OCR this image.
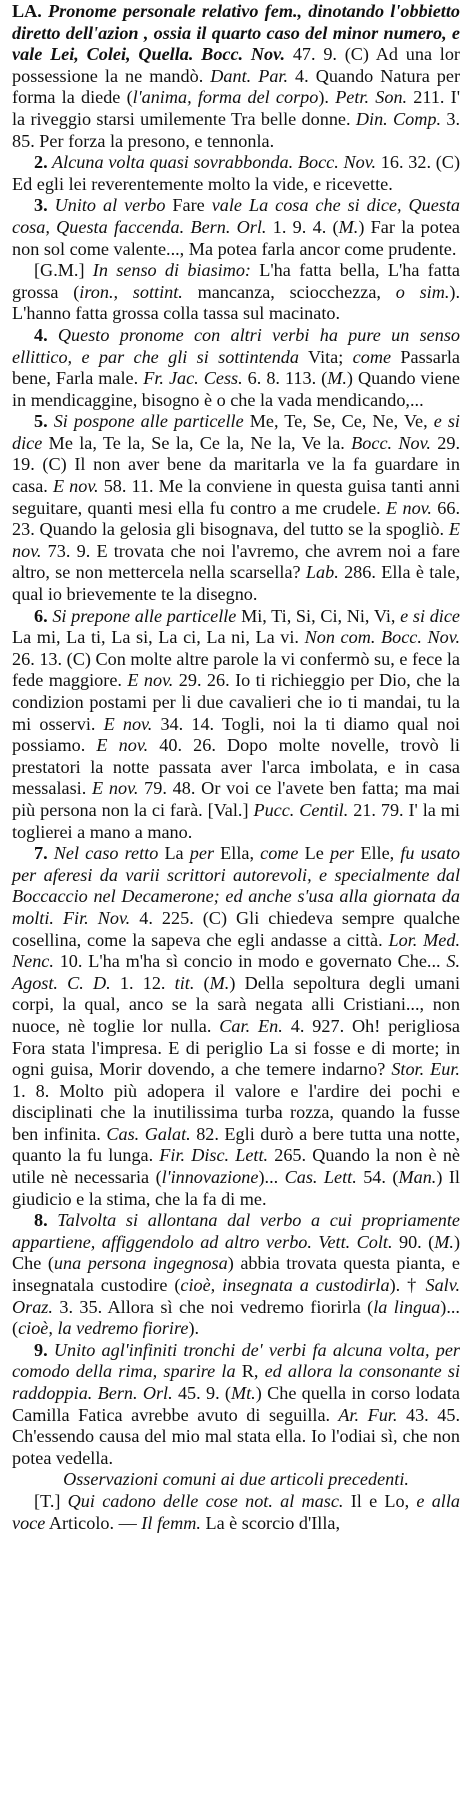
LA. Pronome personale relativo fem., dinotando l'obbietto diretto dell'azion , ossia il quarto caso del minor numero, e vale Lei, Colei, Quella. Bocc. Nov. 47. 9. (C) Ad una lor possessione la ne mandò. Dant. Par. 4. Quando Natura per forma la diede (l'anima, forma del corpo). Petr. Son. 211. I' la riveggio starsi umilemente Tra belle donne. Din. Comp. 3. 85. Per forza la presono, e tennonla.

2. Alcuna volta quasi sovrabbonda. Bocc. Nov. 16. 32. (C) Ed egli lei reverentemente molto la vide, e ricevette.

3. Unito al verbo Fare vale La cosa che si dice, Questa cosa, Questa faccenda. Bern. Orl. 1. 9. 4. (M.) Far la potea non sol come valente..., Ma potea farla ancor come prudente.

[G.M.] In senso di biasimo: L'ha fatta bella, L'ha fatta grossa (iron., sottint. mancanza, sciocchezza, o sim.). L'hanno fatta grossa colla tassa sul macinato.

4. Questo pronome con altri verbi ha pure un senso ellittico, e par che gli si sottintenda Vita; come Passarla bene, Farla male. Fr. Jac. Cess. 6. 8. 113. (M.) Quando viene in mendicaggine, bisogno è o che la vada mendicando,...

5. Si pospone alle particelle Me, Te, Se, Ce, Ne, Ve, e si dice Me la, Te la, Se la, Ce la, Ne la, Ve la. Bocc. Nov. 29. 19. (C) Il non aver bene da maritarla ve la fa guardare in casa. E nov. 58. 11. Me la conviene in questa guisa tanti anni seguitare, quanti mesi ella fu contro a me crudele. E nov. 66. 23. Quando la gelosia gli bisognava, del tutto se la spogliò. E nov. 73. 9. E trovata che noi l'avremo, che avrem noi a fare altro, se non mettercela nella scarsella? Lab. 286. Ella è tale, qual io brievemente te la disegno.

6. Si prepone alle particelle Mi, Ti, Si, Ci, Ni, Vi, e si dice La mi, La ti, La si, La ci, La ni, La vi. Non com. Bocc. Nov. 26. 13. (C) Con molte altre parole la vi confermò su, e fece la fede maggiore. E nov. 29. 26. Io ti richieggio per Dio, che la condizion postami per li due cavalieri che io ti mandai, tu la mi osservi. E nov. 34. 14. Togli, noi la ti diamo qual noi possiamo. E nov. 40. 26. Dopo molte novelle, trovò li prestatori la notte passata aver l'arca imbolata, e in casa messalasi. E nov. 79. 48. Or voi ce l'avete ben fatta; ma mai più persona non la ci farà. [Val.] Pucc. Centil. 21. 79. I' la mi toglierei a mano a mano.

7. Nel caso retto La per Ella, come Le per Elle, fu usato per aferesi da varii scrittori autorevoli, e specialmente dal Boccaccio nel Decamerone; ed anche s'usa alla giornata da molti. Fir. Nov. 4. 225. (C) Gli chiedeva sempre qualche cosellina, come la sapeva che egli andasse a città. Lor. Med. Nenc. 10. L'ha m'ha sì concio in modo e governato Che... S. Agost. C. D. 1. 12. tit. (M.) Della sepoltura degli umani corpi, la qual, anco se la sarà negata alli Cristiani..., non nuoce, nè toglie lor nulla. Car. En. 4. 927. Oh! perigliosa Fora stata l'impresa. E di periglio La si fosse e di morte; in ogni guisa, Morir dovendo, a che temere indarno? Stor. Eur. 1. 8. Molto più adopera il valore e l'ardire dei pochi e disciplinati che la inutilissima turba rozza, quando la fusse ben infinita. Cas. Galat. 82. Egli durò a bere tutta una notte, quanto la fu lunga. Fir. Disc. Lett. 265. Quando la non è nè utile nè necessaria (l'innovazione)... Cas. Lett. 54. (Man.) Il giudicio e la stima, che la fa di me.

8. Talvolta si allontana dal verbo a cui propriamente appartiene, affiggendolo ad altro verbo. Vett. Colt. 90. (M.) Che (una persona ingegnosa) abbia trovata questa pianta, e insegnatala custodire (cioè, insegnata a custodirla). † Salv. Oraz. 3. 35. Allora sì che noi vedremo fiorirla (la lingua)... (cioè, la vedremo fiorire).

9. Unito agl'infiniti tronchi de' verbi fa alcuna volta, per comodo della rima, sparire la R, ed allora la consonante si raddoppia. Bern. Orl. 45. 9. (Mt.) Che quella in corso lodata Camilla Fatica avrebbe avuto di seguilla. Ar. Fur. 43. 45. Ch'essendo causa del mio mal stata ella. Io l'odiai sì, che non potea vedella.

Osservazioni comuni ai due articoli precedenti.

[T.] Qui cadono delle cose not. al masc. Il e Lo, e alla voce Articolo. — Il femm. La è scorcio d'Illa,
